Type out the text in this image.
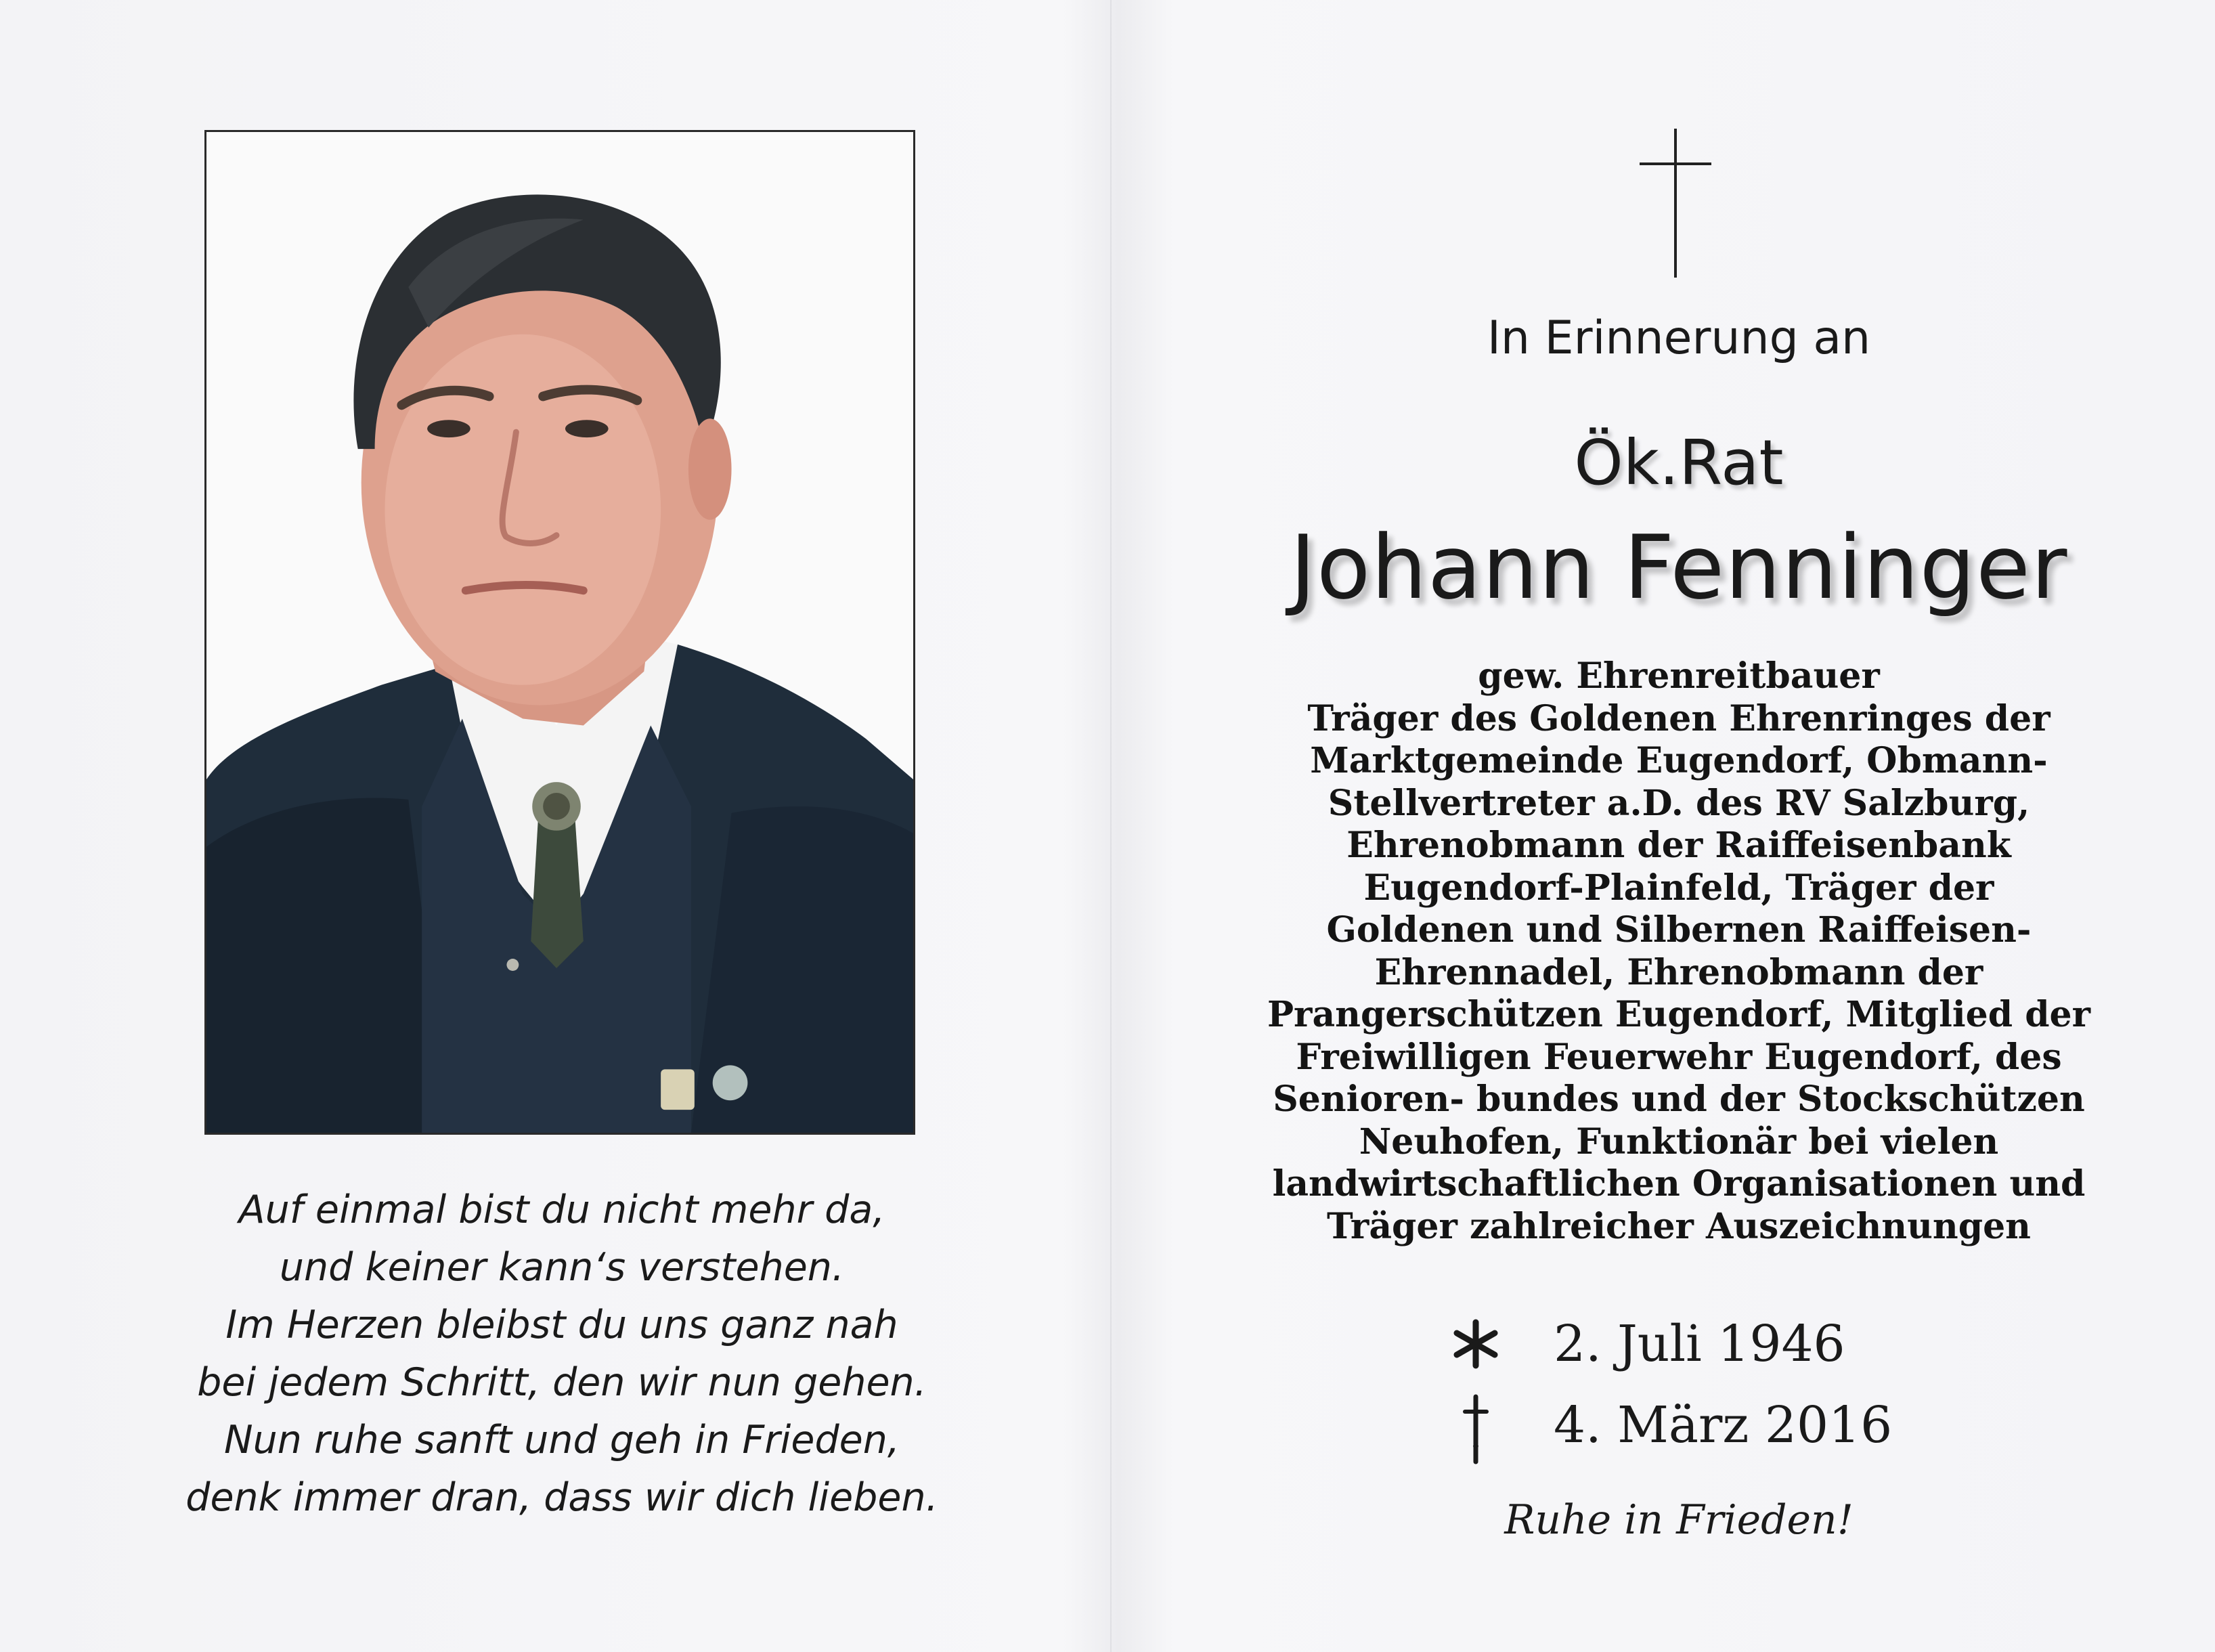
Auf einmal bist du nicht mehr da,
und keiner kann‘s verstehen.
Im Herzen bleibst du uns ganz nah
bei jedem Schritt, den wir nun gehen.
Nun ruhe sanft und geh in Frieden,
denk immer dran, dass wir dich lieben.
In Erinnerung an
Ök.Rat
Johann Fenninger
gew. Ehrenreitbauer
Träger des Goldenen Ehrenringes der
Marktgemeinde Eugendorf, Obmann-
Stellvertreter a.D. des RV Salzburg,
Ehrenobmann der Raiffeisenbank
Eugendorf-Plainfeld, Träger der
Goldenen und Silbernen Raiffeisen-
Ehrennadel, Ehrenobmann der
Prangerschützen Eugendorf, Mitglied der
Freiwilligen Feuerwehr Eugendorf, des
Senioren- bundes und der Stockschützen
Neuhofen, Funktionär bei vielen
landwirtschaftlichen Organisationen und
Träger zahlreicher Auszeichnungen
2. Juli 1946
4. März 2016
Ruhe in Frieden!
